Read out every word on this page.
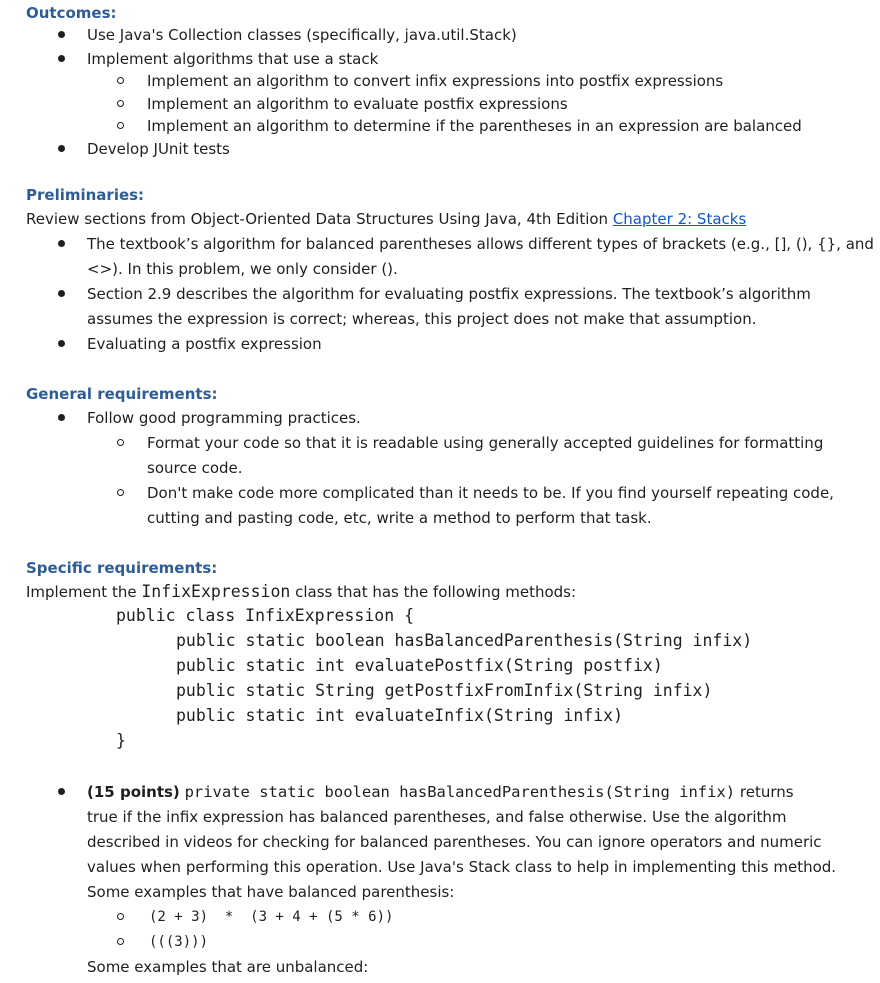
Outcomes:
Use Java's Collection classes (specifically, java.util.Stack)
Implement algorithms that use a stack
Implement an algorithm to convert infix expressions into postfix expressions
Implement an algorithm to evaluate postfix expressions
Implement an algorithm to determine if the parentheses in an expression are balanced
Develop JUnit tests
Preliminaries:
Review sections from Object-Oriented Data Structures Using Java, 4th Edition Chapter 2: Stacks
The textbook’s algorithm for balanced parentheses allows different types of brackets (e.g., [], (), {}, and
<>). In this problem, we only consider ().
Section 2.9 describes the algorithm for evaluating postfix expressions. The textbook’s algorithm
assumes the expression is correct; whereas, this project does not make that assumption.
Evaluating a postfix expression
General requirements:
Follow good programming practices.
Format your code so that it is readable using generally accepted guidelines for formatting
source code.
Don't make code more complicated than it needs to be. If you find yourself repeating code,
cutting and pasting code, etc, write a method to perform that task.
Specific requirements:
Implement the InfixExpression class that has the following methods:
public class InfixExpression {
public static boolean hasBalancedParenthesis(String infix)
public static int evaluatePostfix(String postfix)
public static String getPostfixFromInfix(String infix)
public static int evaluateInfix(String infix)
}
(15 points) private static boolean hasBalancedParenthesis(String infix) returns
true if the infix expression has balanced parentheses, and false otherwise. Use the algorithm
described in videos for checking for balanced parentheses. You can ignore operators and numeric
values when performing this operation. Use Java's Stack class to help in implementing this method.
Some examples that have balanced parenthesis:
(2 + 3)  *  (3 + 4 + (5 * 6))
(((3)))
Some examples that are unbalanced:
